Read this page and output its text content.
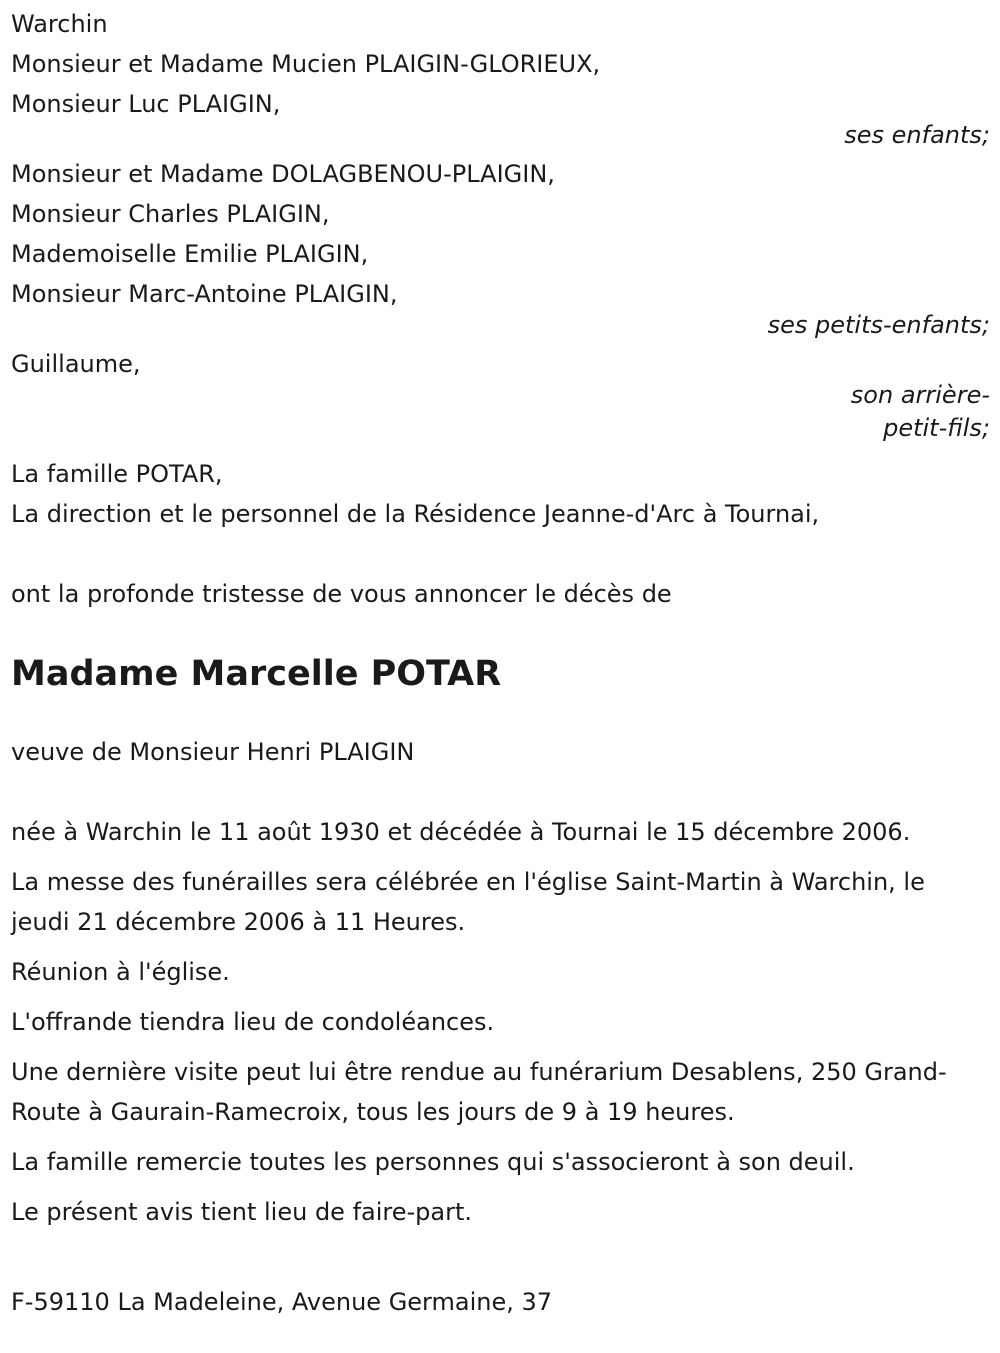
Warchin

Monsieur et Madame Mucien PLAIGIN-GLORIEUX,

Monsieur Luc PLAIGIN,

ses enfants;

Monsieur et Madame DOLAGBENOU-PLAIGIN,

Monsieur Charles PLAIGIN,

Mademoiselle Emilie PLAIGIN,

Monsieur Marc-Antoine PLAIGIN,

ses petits-enfants;

Guillaume,

son arrière-

petit-fils;

La famille POTAR,

La direction et le personnel de la Résidence Jeanne-d'Arc à Tournai,

ont la profonde tristesse de vous annoncer le décès de

Madame Marcelle POTAR

veuve de Monsieur Henri PLAIGIN

née à Warchin le 11 août 1930 et décédée à Tournai le 15 décembre 2006.

La messe des funérailles sera célébrée en l'église Saint-Martin à Warchin, le jeudi 21 décembre 2006 à 11 Heures.

Réunion à l'église.

L'offrande tiendra lieu de condoléances.

Une dernière visite peut lui être rendue au funérarium Desablens, 250 Grand-Route à Gaurain-Ramecroix, tous les jours de 9 à 19 heures.

La famille remercie toutes les personnes qui s'associeront à son deuil.

Le présent avis tient lieu de faire-part.

F-59110 La Madeleine, Avenue Germaine, 37
